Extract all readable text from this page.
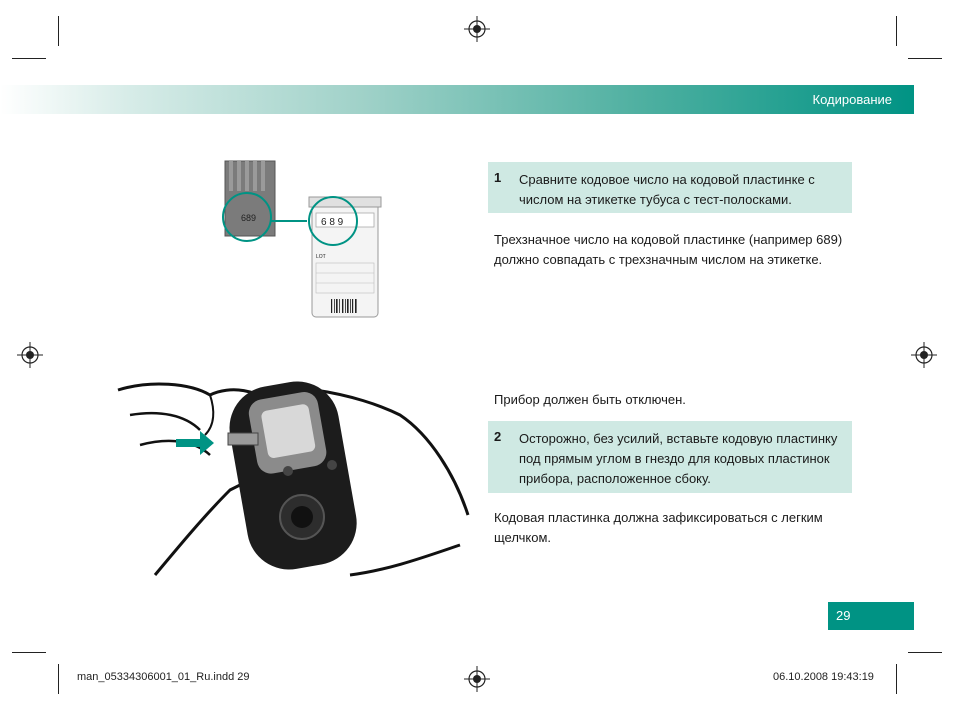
Кодирование
689	6 8 9
LOT
1 Сравните кодовое число на кодовой пластинке с числом на этикетке тубуса с тест-полосками.
Трехзначное число на кодовой пластинке (например 689) должно совпадать с трехзначным числом на этикетке.
Прибор должен быть отключен.
2 Осторожно, без усилий, вставьте кодовую пластинку под прямым углом в гнездо для кодовых пластинок прибора, расположенное сбоку.
Кодовая пластинка должна зафиксироваться с легким щелчком.
29
man_05334306001_01_Ru.indd 29	06.10.2008 19:43:19
